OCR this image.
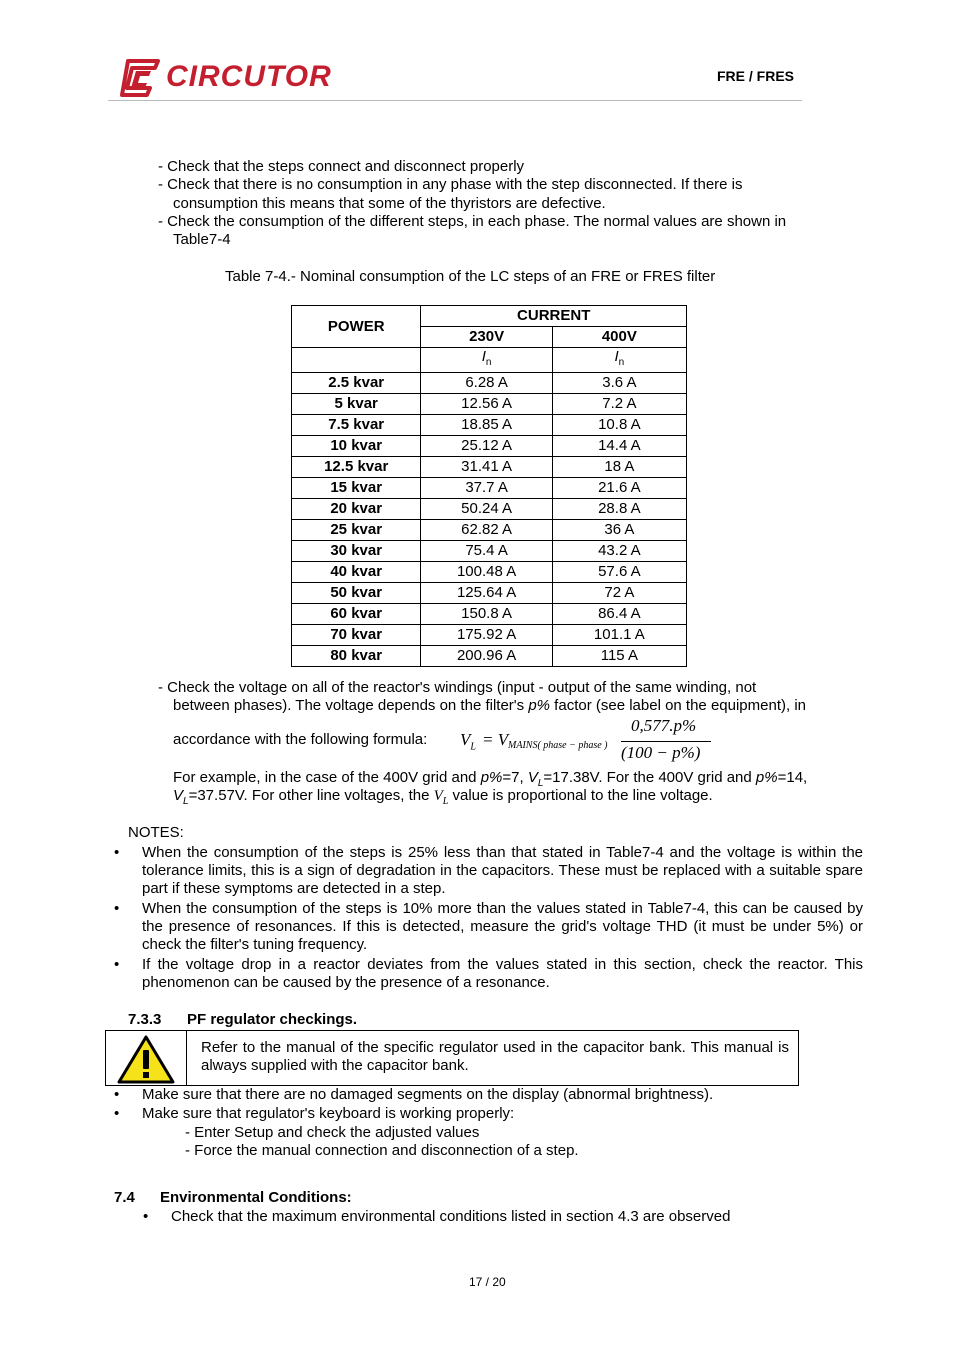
CIRCUTOR	FRE / FRES
- Check that the steps connect and disconnect properly
- Check that there is no consumption in any phase with the step disconnected. If there is
consumption this means that some of the thyristors are defective.
- Check the consumption of the different steps, in each phase. The normal values are shown in
Table7-4
Table 7-4.- Nominal consumption of the LC steps of an FRE or FRES filter
POWER	CURRENT	
	230V	400V
	$I_n$	$I_n$
2.5 kvar	6.28 A	3.6 A
5 kvar	12.56 A	7.2 A
7.5 kvar	18.85 A	10.8 A
10 kvar	25.12 A	14.4 A
12.5 kvar	31.41 A	18 A
15 kvar	37.7 A	21.6 A
20 kvar	50.24 A	28.8 A
25 kvar	62.82 A	36 A
30 kvar	75.4 A	43.2 A
40 kvar	100.48 A	57.6 A
50 kvar	125.64 A	72 A
60 kvar	150.8 A	86.4 A
70 kvar	175.92 A	101.1 A
80 kvar	200.96 A	115 A
- Check the voltage on all of the reactor's windings (input - output of the same winding, not
between phases). The voltage depends on the filter's p% factor (see label on the equipment), in
accordance with the following formula: $V_L = V$ MAINS( phase − phase )
0,577.p%
(100 − p%)
For example, in the case of the 400V grid and p%=7, $V_L=17.38V$. For the 400V grid and p%=14,
$V_L=37.57V$. For other line voltages, the $V_L$ value is proportional to the line voltage.
NOTES:
• When the consumption of the steps is 25% less than that stated in Table7-4 and the voltage is within the tolerance limits, this is a sign of degradation in the capacitors. These must be replaced with a suitable spare part if these symptoms are detected in a step.
• When the consumption of the steps is 10% more than the values stated in Table7-4, this can be caused by the presence of resonances. If this is detected, measure the grid's voltage THD (it must be under 5%) or check the filter's tuning frequency.
• If the voltage drop in a reactor deviates from the values stated in this section, check the reactor. This phenomenon can be caused by the presence of a resonance.
7.3.3 PF regulator checkings.
Refer to the manual of the specific regulator used in the capacitor bank. This manual is always supplied with the capacitor bank.
• Make sure that there are no damaged segments on the display (abnormal brightness).
• Make sure that regulator's keyboard is working properly:
- Enter Setup and check the adjusted values
- Force the manual connection and disconnection of a step.
7.4 Environmental Conditions:
• Check that the maximum environmental conditions listed in section 4.3 are observed
17 / 20
